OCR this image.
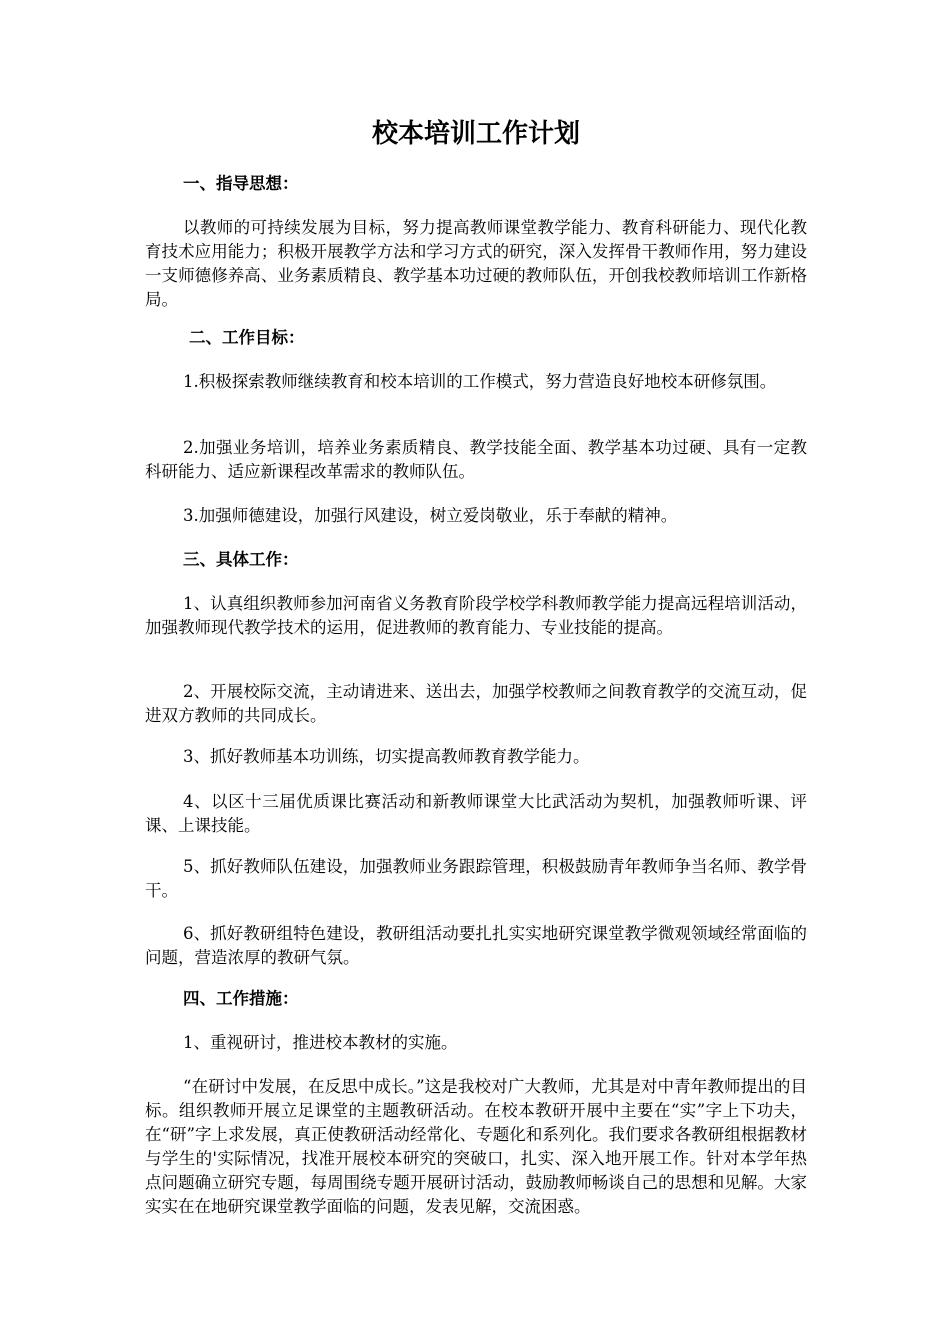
校本培训工作计划
一、指导思想：

以教师的可持续发展为目标，努力提高教师课堂教学能力、教育科研能力、现代化教育技术应用能力；积极开展教学方法和学习方式的研究，深入发挥骨干教师作用，努力建设一支师德修养高、业务素质精良、教学基本功过硬的教师队伍，开创我校教师培训工作新格局。

二、工作目标：

1.积极探索教师继续教育和校本培训的工作模式，努力营造良好地校本研修氛围。

2.加强业务培训，培养业务素质精良、教学技能全面、教学基本功过硬、具有一定教科研能力、适应新课程改革需求的教师队伍。

3.加强师德建设，加强行风建设，树立爱岗敬业，乐于奉献的精神。

三、具体工作：

1、认真组织教师参加河南省义务教育阶段学校学科教师教学能力提高远程培训活动，加强教师现代教学技术的运用，促进教师的教育能力、专业技能的提高。

2、开展校际交流，主动请进来、送出去，加强学校教师之间教育教学的交流互动，促进双方教师的共同成长。

3、抓好教师基本功训练，切实提高教师教育教学能力。

4、以区十三届优质课比赛活动和新教师课堂大比武活动为契机，加强教师听课、评课、上课技能。

5、抓好教师队伍建设，加强教师业务跟踪管理，积极鼓励青年教师争当名师、教学骨干。

6、抓好教研组特色建设，教研组活动要扎扎实实地研究课堂教学微观领域经常面临的问题，营造浓厚的教研气氛。

四、工作措施：

1、重视研讨，推进校本教材的实施。

“在研讨中发展，在反思中成长。”这是我校对广大教师，尤其是对中青年教师提出的目标。组织教师开展立足课堂的主题教研活动。在校本教研开展中主要在“实”字上下功夫，在“研”字上求发展，真正使教研活动经常化、专题化和系列化。我们要求各教研组根据教材与学生的'实际情况，找准开展校本研究的突破口，扎实、深入地开展工作。针对本学年热点问题确立研究专题，每周围绕专题开展研讨活动，鼓励教师畅谈自己的思想和见解。大家实实在在地研究课堂教学面临的问题，发表见解，交流困惑。
